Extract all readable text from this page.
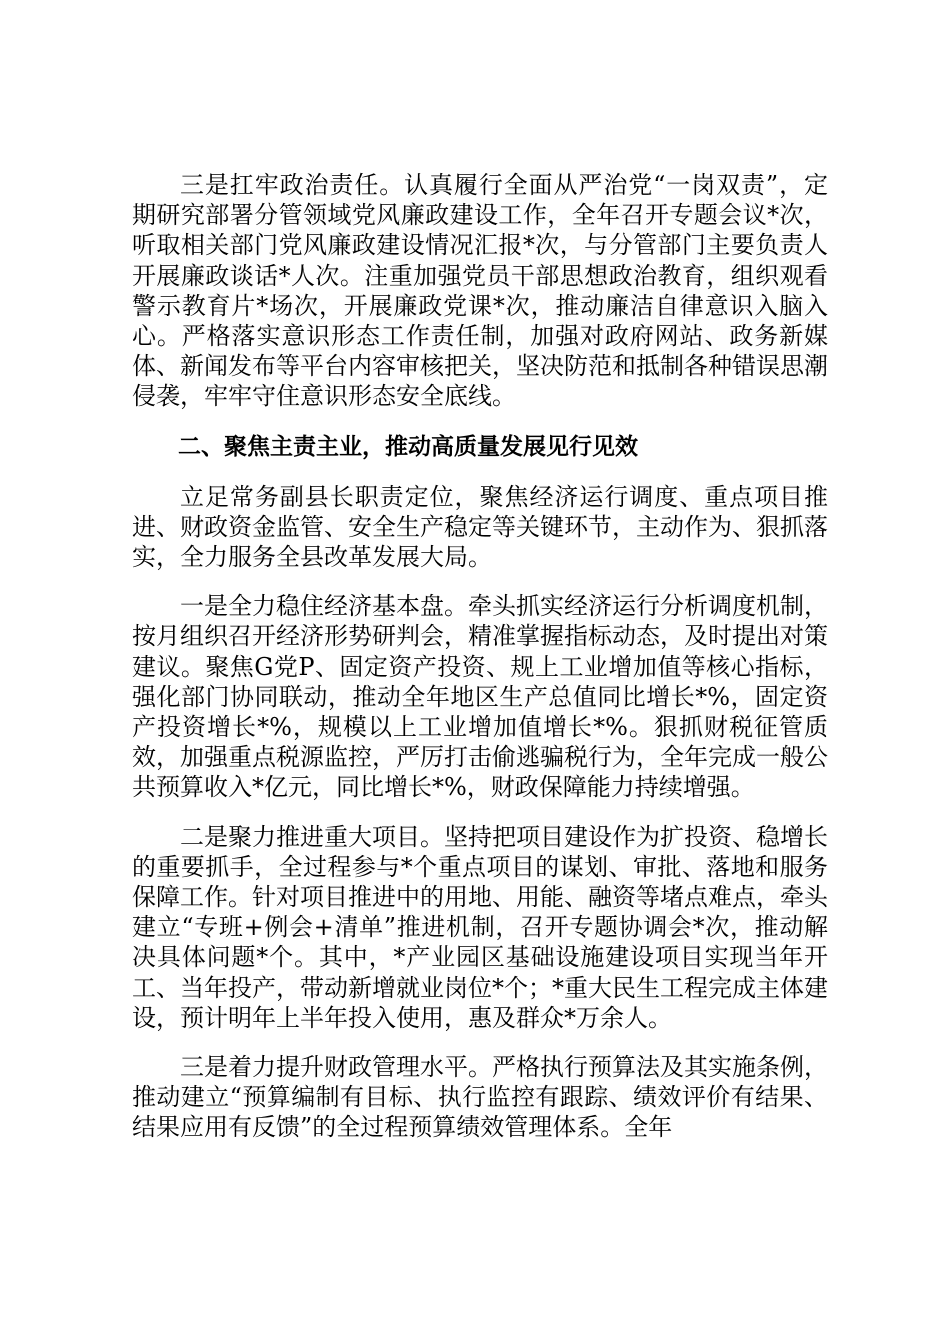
三是扛牢政治责任。认真履行全面从严治党“一岗双责”，定期研究部署分管领域党风廉政建设工作，全年召开专题会议*次，听取相关部门党风廉政建设情况汇报*次，与分管部门主要负责人开展廉政谈话*人次。注重加强党员干部思想政治教育，组织观看警示教育片*场次，开展廉政党课*次，推动廉洁自律意识入脑入心。严格落实意识形态工作责任制，加强对政府网站、政务新媒体、新闻发布等平台内容审核把关，坚决防范和抵制各种错误思潮侵袭，牢牢守住意识形态安全底线。

二、聚焦主责主业，推动高质量发展见行见效

立足常务副县长职责定位，聚焦经济运行调度、重点项目推进、财政资金监管、安全生产稳定等关键环节，主动作为、狠抓落实，全力服务全县改革发展大局。

一是全力稳住经济基本盘。牵头抓实经济运行分析调度机制，按月组织召开经济形势研判会，精准掌握指标动态，及时提出对策建议。聚焦G党P、固定资产投资、规上工业增加值等核心指标，强化部门协同联动，推动全年地区生产总值同比增长*%，固定资产投资增长*%，规模以上工业增加值增长*%。狠抓财税征管质效，加强重点税源监控，严厉打击偷逃骗税行为，全年完成一般公共预算收入*亿元，同比增长*%，财政保障能力持续增强。

二是聚力推进重大项目。坚持把项目建设作为扩投资、稳增长的重要抓手，全过程参与*个重点项目的谋划、审批、落地和服务保障工作。针对项目推进中的用地、用能、融资等堵点难点，牵头建立“专班+例会+清单”推进机制，召开专题协调会*次，推动解决具体问题*个。其中，*产业园区基础设施建设项目实现当年开工、当年投产，带动新增就业岗位*个；*重大民生工程完成主体建设，预计明年上半年投入使用，惠及群众*万余人。

三是着力提升财政管理水平。严格执行预算法及其实施条例，推动建立“预算编制有目标、执行监控有跟踪、绩效评价有结果、结果应用有反馈”的全过程预算绩效管理体系。全年
